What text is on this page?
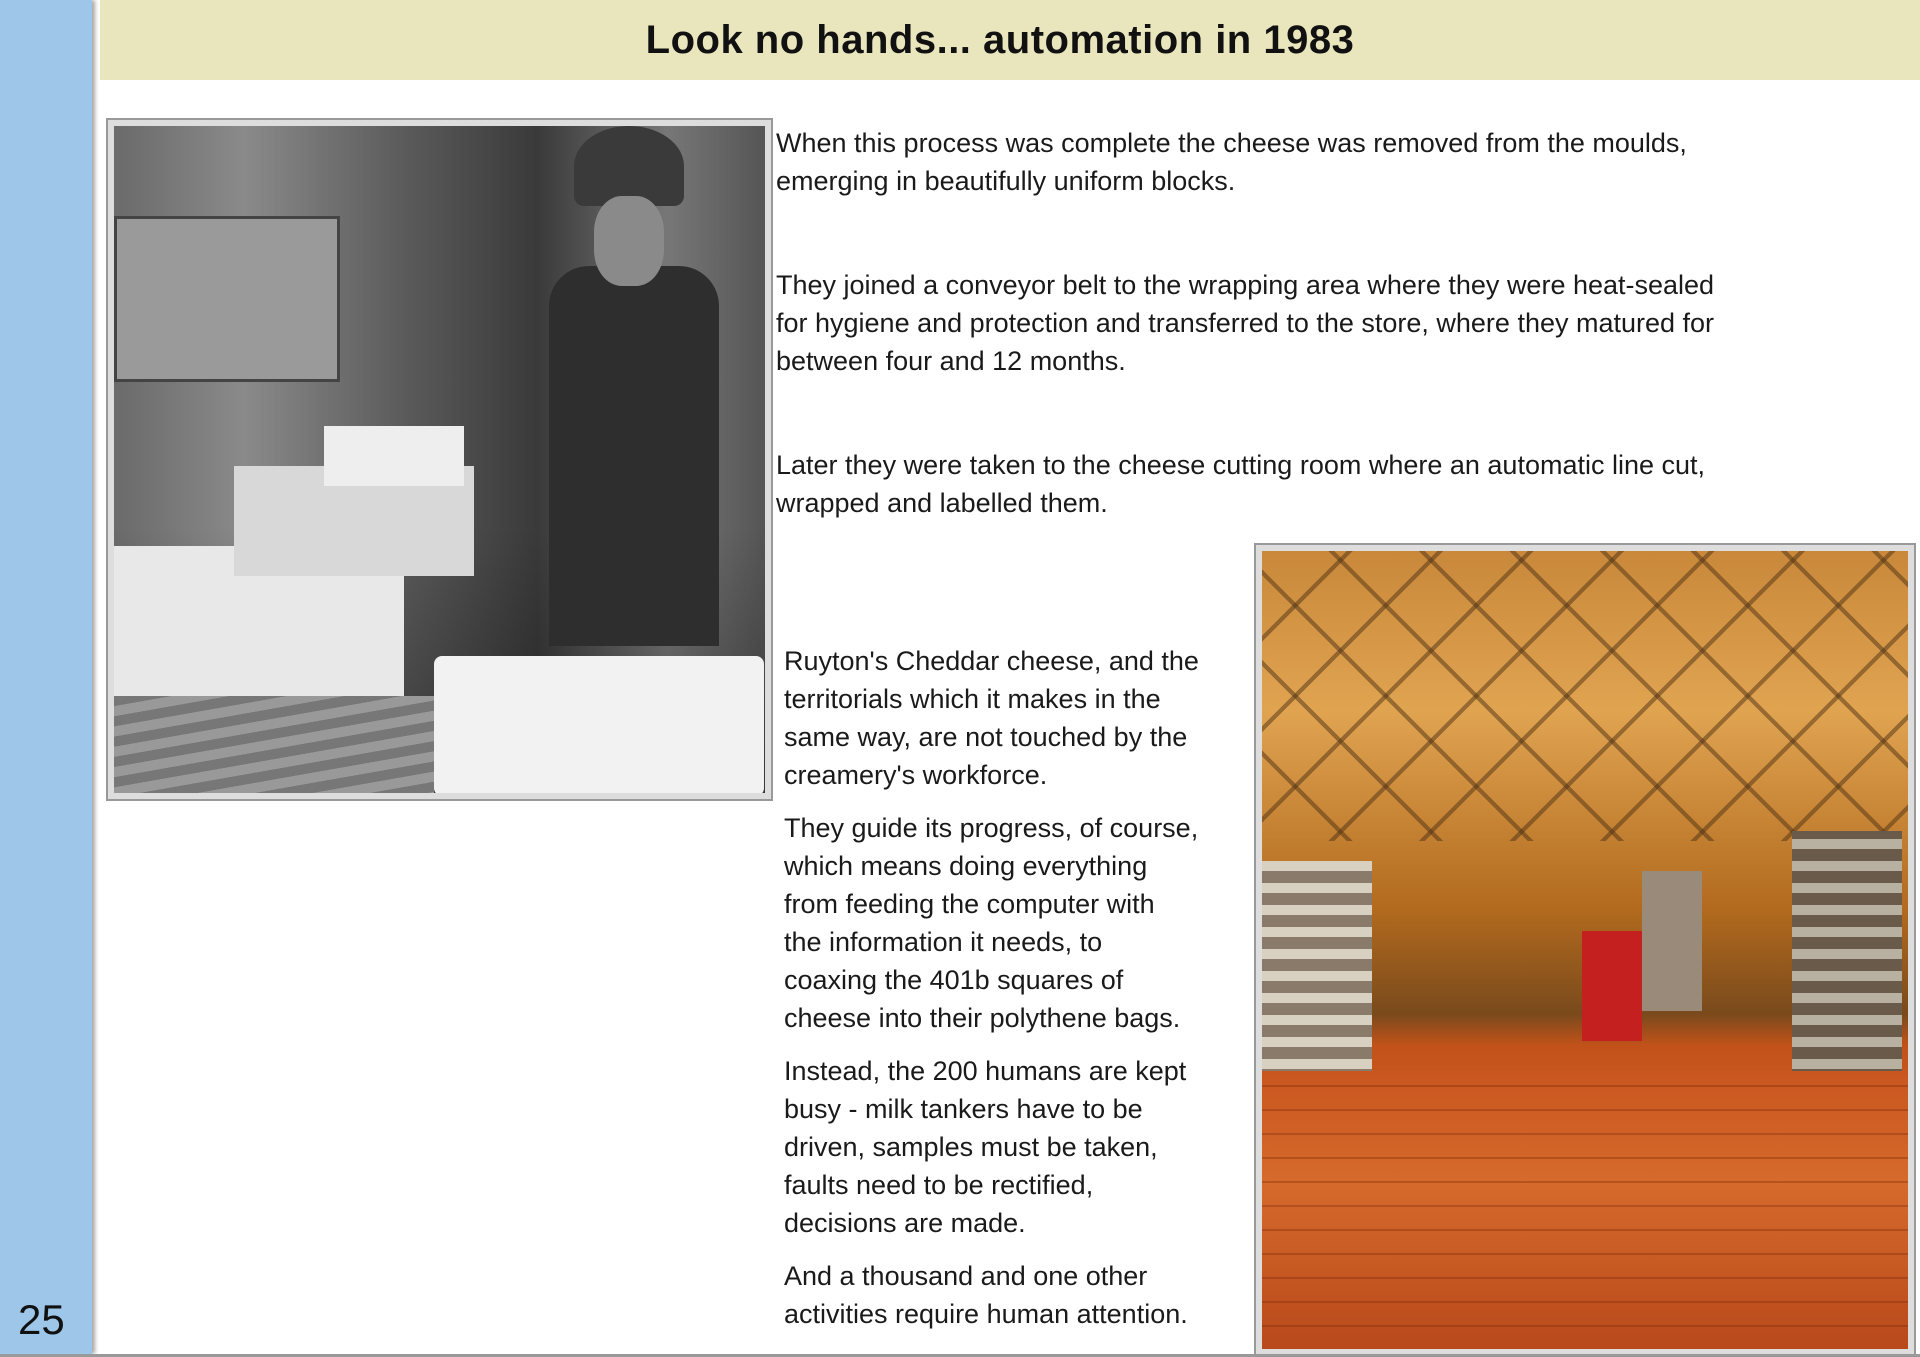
25
Look no hands... automation in 1983

When this process was complete the cheese was removed from the moulds,
emerging in beautifully uniform blocks.

They joined a conveyor belt to the wrapping area where they were heat-sealed
for hygiene and protection and transferred to the store, where they matured for
between four and 12 months.

Later they were taken to the cheese cutting room where an automatic line cut,
wrapped and labelled them.

Ruyton's Cheddar cheese, and the
territorials which it makes in the
same way, are not touched by the
creamery's workforce.

They guide its progress, of course,
which means doing everything
from feeding the computer with
the information it needs, to
coaxing the 401b squares of
cheese into their polythene bags.

Instead, the 200 humans are kept
busy - milk tankers have to be
driven, samples must be taken,
faults need to be rectified,
decisions are made.

And a thousand and one other
activities require human attention.
